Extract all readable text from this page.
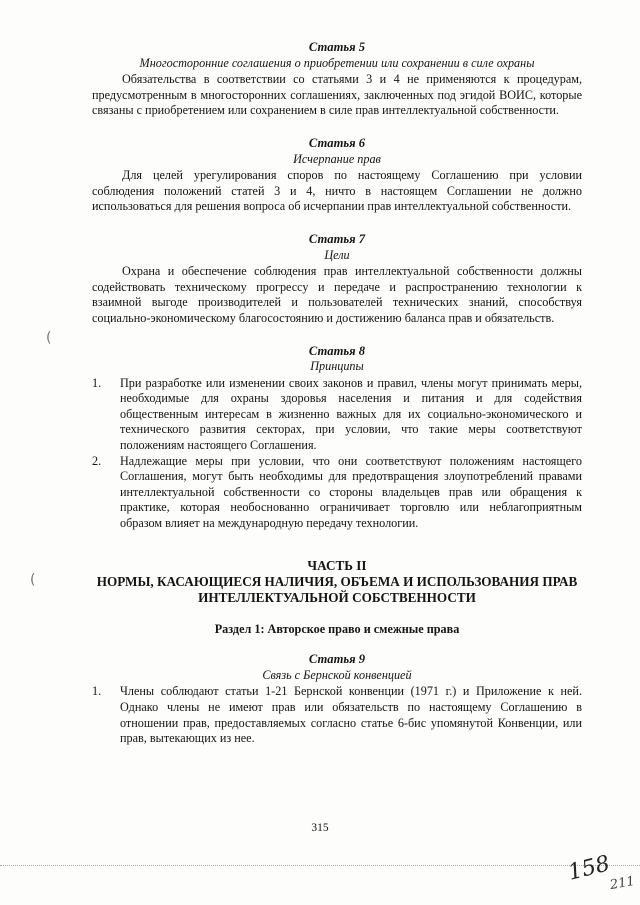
Статья 5

Многосторонние соглашения о приобретении или сохранении в силе охраны

Обязательства в соответствии со статьями 3 и 4 не применяются к процедурам, предусмотренным в многосторонних соглашениях, заключенных под эгидой ВОИС, которые связаны с приобретением или сохранением в силе прав интеллектуальной собственности.

Статья 6

Исчерпание прав

Для целей урегулирования споров по настоящему Соглашению при условии соблюдения положений статей 3 и 4, ничто в настоящем Соглашении не должно использоваться для решения вопроса об исчерпании прав интеллектуальной собственности.

Статья 7

Цели

Охрана и обеспечение соблюдения прав интеллектуальной собственности должны содействовать техническому прогрессу и передаче и распространению технологии к взаимной выгоде производителей и пользователей технических знаний, способствуя социально-экономическому благосостоянию и достижению баланса прав и обязательств.

Статья 8

Принципы

1.	При разработке или изменении своих законов и правил, члены могут принимать меры, необходимые для охраны здоровья населения и питания и для содействия общественным интересам в жизненно важных для их социально-экономического и технического развития секторах, при условии, что такие меры соответствуют положениям настоящего Соглашения.
2.	Надлежащие меры при условии, что они соответствуют положениям настоящего Соглашения, могут быть необходимы для предотвращения злоупотреблений правами интеллектуальной собственности со стороны владельцев прав или обращения к практике, которая необоснованно ограничивает торговлю или неблагоприятным образом влияет на международную передачу технологии.

ЧАСТЬ II

НОРМЫ, КАСАЮЩИЕСЯ НАЛИЧИЯ, ОБЪЕМА И ИСПОЛЬЗОВАНИЯ ПРАВ ИНТЕЛЛЕКТУАЛЬНОЙ СОБСТВЕННОСТИ

Раздел 1: Авторское право и смежные права

Статья 9

Связь с Бернской конвенцией

1.	Члены соблюдают статьи 1-21 Бернской конвенции (1971 г.) и Приложение к ней. Однако члены не имеют прав или обязательств по настоящему Соглашению в отношении прав, предоставляемых согласно статье 6-бис упомянутой Конвенции, или прав, вытекающих из нее.
315
(
(
158
211
